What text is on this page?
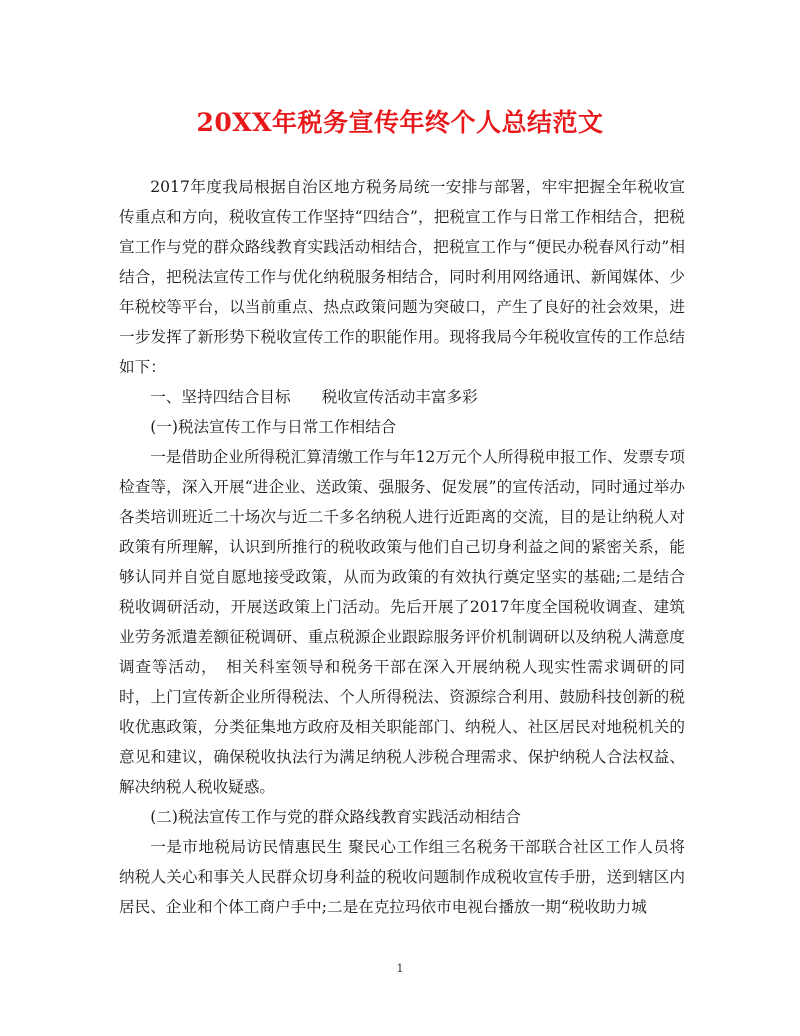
20XX年税务宣传年终个人总结范文

2017年度我局根据自治区地方税务局统一安排与部署，牢牢把握全年税收宣传重点和方向，税收宣传工作坚持“四结合”，把税宣工作与日常工作相结合，把税宣工作与党的群众路线教育实践活动相结合，把税宣工作与“便民办税春风行动”相结合，把税法宣传工作与优化纳税服务相结合，同时利用网络通讯、新闻媒体、少年税校等平台，以当前重点、热点政策问题为突破口，产生了良好的社会效果，进一步发挥了新形势下税收宣传工作的职能作用。现将我局今年税收宣传的工作总结如下：

一、坚持四结合目标　　税收宣传活动丰富多彩

(一)税法宣传工作与日常工作相结合

一是借助企业所得税汇算清缴工作与年12万元个人所得税申报工作、发票专项检查等，深入开展“进企业、送政策、强服务、促发展”的宣传活动，同时通过举办各类培训班近二十场次与近二千多名纳税人进行近距离的交流，目的是让纳税人对政策有所理解，认识到所推行的税收政策与他们自己切身利益之间的紧密关系，能够认同并自觉自愿地接受政策，从而为政策的有效执行奠定坚实的基础;二是结合税收调研活动，开展送政策上门活动。先后开展了2017年度全国税收调查、建筑业劳务派遣差额征税调研、重点税源企业跟踪服务评价机制调研以及纳税人满意度调查等活动，　相关科室领导和税务干部在深入开展纳税人现实性需求调研的同时，上门宣传新企业所得税法、个人所得税法、资源综合利用、鼓励科技创新的税收优惠政策，分类征集地方政府及相关职能部门、纳税人、社区居民对地税机关的意见和建议，确保税收执法行为满足纳税人涉税合理需求、保护纳税人合法权益、解决纳税人税收疑惑。

(二)税法宣传工作与党的群众路线教育实践活动相结合

一是市地税局访民情惠民生 聚民心工作组三名税务干部联合社区工作人员将纳税人关心和事关人民群众切身利益的税收问题制作成税收宣传手册，送到辖区内居民、企业和个体工商户手中;二是在克拉玛依市电视台播放一期“税收助力城

1
